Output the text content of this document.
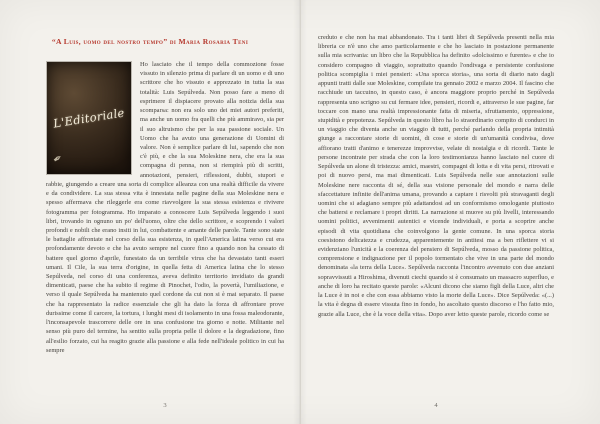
“A Luis, uomo del nostro tempo” di Maria Rosaria Teni
L'Editoriale
✒
Ho lasciato che il tempo della commozione fosse vissuto in silenzio prima di parlare di un uomo e di uno scrittore che ho vissuto e apprezzato in tutta la sua totalità: Luis Sepúlveda. Non posso fare a meno di esprimere il dispiacere provato alla notizia della sua scomparsa: non era solo uno dei miei autori preferiti, ma anche un uomo fra quelli che più ammiravo, sia per il suo altruismo che per la sua passione sociale. Un Uomo che ha avuto una generazione di Uomini di valore. Non è semplice parlare di lui, sapendo che non c'è più, e che la sua Moleskine nera, che era la sua compagna di penna, non si riempirà più di scritti, annotazioni, pensieri, riflessioni, dubbi, stupori e rabbie, giungendo a creare una sorta di complice alleanza con una realtà difficile da vivere e da condividere. La sua stessa vita è innestata nelle pagine della sua Moleskine nera e spesso affermava che rileggerle era come riavvolgere la sua stessa esistenza e rivivere fotogramma per fotogramma. Ho imparato a conoscere Luis Sepúlveda leggendo i suoi libri, trovando in ognuno un po' dell'uomo, oltre che dello scrittore, e scoprendo i valori profondi e nobili che erano insiti in lui, combattente e amante delle parole. Tante sono state le battaglie affrontate nel corso della sua esistenza, in quell'America latina verso cui era profondamente devoto e che ha avuto sempre nel cuore fino a quando non ha cessato di battere quel giorno d'aprile, funestato da un terribile virus che ha devastato tanti esseri umani. Il Cile, la sua terra d'origine, in quella fetta di America latina che lo stesso Sepúlveda, nel corso di una conferenza, aveva definito territorio invidiato da grandi dimenticati, paese che ha subito il regime di Pinochet, l'odio, la povertà, l'umiliazione, e verso il quale Sepúlveda ha mantenuto quel cordone da cui non si è mai separato. Il paese che ha rappresentato la radice essenziale che gli ha dato la forza di affrontare prove durissime come il carcere, la tortura, i lunghi mesi di isolamento in una fossa maleodorante, l'inconsapevole trascorrere delle ore in una confusione tra giorno e notte. Militante nel senso più puro del termine, ha sentito sulla propria pelle il dolore e la degradazione, fino all'esilio forzato, cui ha reagito grazie alla passione e alla fede nell'ideale politico in cui ha sempre
3
creduto e che non ha mai abbandonato. Tra i tanti libri di Sepúlveda presenti nella mia libreria ce n'è uno che amo particolarmente e che ho lasciato in postazione permanente sulla mia scrivania: un libro che la Repubblica ha definito «dolcissimo e furente» e che io considero compagno di viaggio, soprattutto quando l'ondivaga e persistente confusione politica scompiglia i miei pensieri: «Una sporca storia», una sorta di diario nato dagli appunti tratti dalle sue Moleskine, compilate tra gennaio 2002 e marzo 2004. Il fascino che racchiude un taccuino, in questo caso, è ancora maggiore proprio perché in Sepúlveda rappresenta uno scrigno su cui fermare idee, pensieri, ricordi e, attraverso le sue pagine, far toccare con mano una realtà impressionante fatta di miseria, sfruttamento, oppressione, stupidità e prepotenza. Sepúlveda in questo libro ha lo straordinario compito di condurci in un viaggio che diventa anche un viaggio di tutti, perché parlando della propria intimità giunge a raccontare storie di uomini, di cose e storie di un'umanità condivisa, dove affiorano tratti d'animo e tenerezze improvvise, velate di nostalgia e di ricordi. Tante le persone incontrate per strada che con la loro testimonianza hanno lasciato nel cuore di Sepúlveda un alone di tristezza: amici, maestri, compagni di lotta e di vita persi, ritrovati e poi di nuovo persi, ma mai dimenticati. Luis Sepúlveda nelle sue annotazioni sulle Moleskine nere racconta di sé, della sua visione personale del mondo e narra delle sfaccettature infinite dell'anima umana, provando a captare i risvolti più stravaganti degli uomini che si adagiano sempre più adattandosi ad un conformismo omologante piuttosto che battersi e reclamare i propri diritti. La narrazione si muove su più livelli, interessando uomini politici, avvenimenti autentici e vicende individuali, e porta a scoprire anche episodi di vita quotidiana che coinvolgono la gente comune. In una sporca storia coesistono delicatezza e crudezza, apparentemente in antitesi ma a ben riflettere vi si evidenziano l'unicità e la coerenza del pensiero di Sepúlveda, mosso da passione politica, comprensione e indignazione per il popolo tormentato che vive in una parte del mondo denominata «la terra della Luce». Sepúlveda racconta l'incontro avvenuto con due anziani sopravvissuti a Hiroshima, divenuti ciechi quando si è consumato un massacro superfluo, e anche di loro ha recitato queste parole: «Alcuni dicono che siamo figli della Luce, altri che la Luce è in noi e che con essa abbiamo visto la morte della Luce». Dice Sepúlveda: «(...) la vita è degna di essere vissuta fino in fondo, ho ascoltato questo discorso e l'ho fatto mio, grazie alla Luce, che è la voce della vita». Dopo aver letto queste parole, ricordo come se
4
